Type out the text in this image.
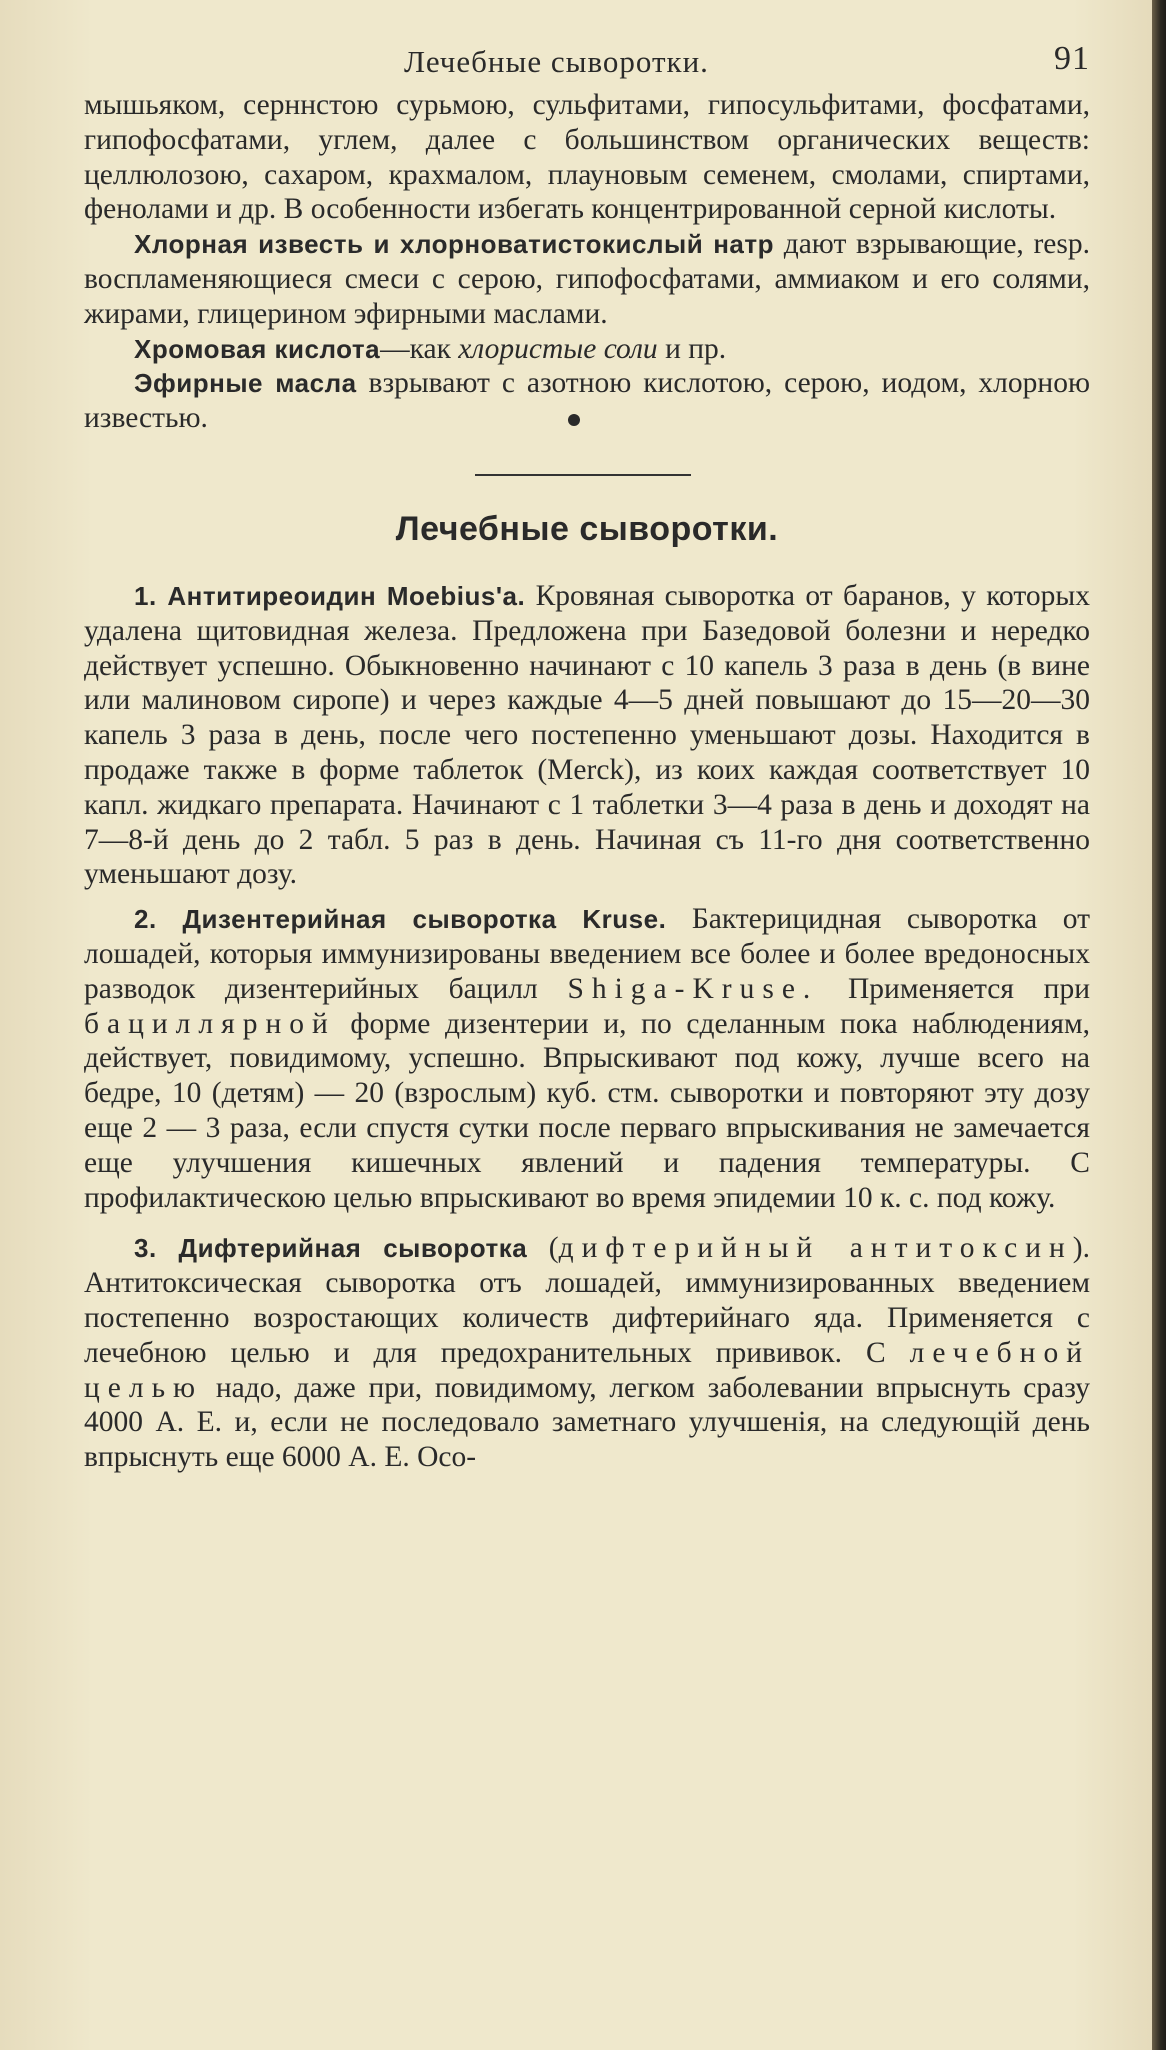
Лечебные сыворотки.	91

мышьяком, серннстою сурьмою, сульфитами, гипосульфитами, фосфатами, гипофосфатами, углем, далее с большинством органических веществ: целлюлозою, сахаром, крахмалом, плауновым семенем, смолами, спиртами, фенолами и др. В особенности избегать концентрированной серной кислоты.

Хлорная известь и хлорноватистокислый натр дают взрывающие, resp. воспламеняющиеся смеси с серою, гипофосфатами, аммиаком и его солями, жирами, глицерином эфирными маслами.

Хромовая кислота—как хлористые соли и пр.

Эфирные масла взрывают с азотною кислотою, серою, иодом, хлорною известью.

Лечебные сыворотки.

1. Антитиреоидин Moebius'a. Кровяная сыворотка от баранов, у которых удалена щитовидная железа. Предложена при Базедовой болезни и нередко действует успешно. Обыкновенно начинают с 10 капель 3 раза в день (в вине или малиновом сиропе) и через каждые 4—5 дней повышают до 15—20—30 капель 3 раза в день, после чего постепенно уменьшают дозы. Находится в продаже также в форме таблеток (Merck), из коих каждая соответствует 10 капл. жидкаго препарата. Начинают с 1 таблетки 3—4 раза в день и доходят на 7—8-й день до 2 табл. 5 раз в день. Начиная съ 11-го дня соответственно уменьшают дозу.

2. Дизентерийная сыворотка Kruse. Бактерицидная сыворотка от лошадей, которыя иммунизированы введением все более и более вредоносных разводок дизентерийных бацилл Shiga-Kruse. Применяется при бациллярной форме дизентерии и, по сделанным пока наблюдениям, действует, повидимому, успешно. Впрыскивают под кожу, лучше всего на бедре, 10 (детям) — 20 (взрослым) куб. стм. сыворотки и повторяют эту дозу еще 2 — 3 раза, если спустя сутки после перваго впрыскивания не замечается еще улучшения кишечных явлений и падения температуры. С профилактическою целью впрыскивают во время эпидемии 10 к. с. под кожу.

3. Дифтерийная сыворотка (дифтерийный антитоксин). Антитоксическая сыворотка отъ лошадей, иммунизированных введением постепенно возростающих количеств дифтерийнаго яда. Применяется с лечебною целью и для предохранительных прививок. С лечебной целью надо, даже при, повидимому, легком заболевании впрыснуть сразу 4000 А. Е. и, если не последовало заметнаго улучшенія, на следующій день впрыснуть еще 6000 А. Е. Осо-
